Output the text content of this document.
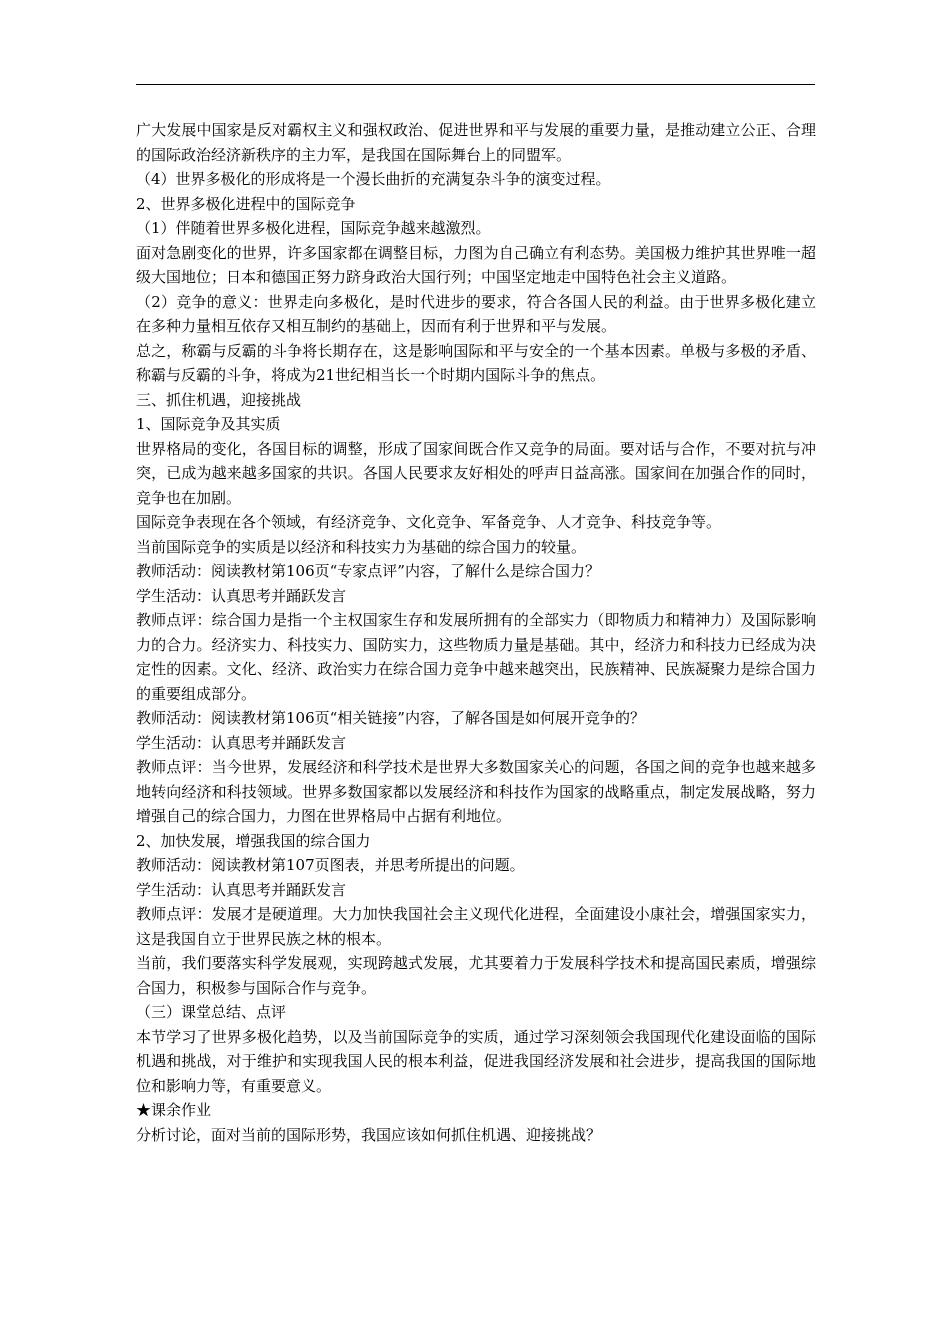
广大发展中国家是反对霸权主义和强权政治、促进世界和平与发展的重要力量，是推动建立公正、合理的国际政治经济新秩序的主力军，是我国在国际舞台上的同盟军。

（4）世界多极化的形成将是一个漫长曲折的充满复杂斗争的演变过程。

2、世界多极化进程中的国际竞争

（1）伴随着世界多极化进程，国际竞争越来越激烈。

面对急剧变化的世界，许多国家都在调整目标，力图为自己确立有利态势。美国极力维护其世界唯一超级大国地位；日本和德国正努力跻身政治大国行列；中国坚定地走中国特色社会主义道路。

（2）竞争的意义：世界走向多极化，是时代进步的要求，符合各国人民的利益。由于世界多极化建立在多种力量相互依存又相互制约的基础上，因而有利于世界和平与发展。

总之，称霸与反霸的斗争将长期存在，这是影响国际和平与安全的一个基本因素。单极与多极的矛盾、称霸与反霸的斗争，将成为21世纪相当长一个时期内国际斗争的焦点。

三、抓住机遇，迎接挑战

1、国际竞争及其实质

世界格局的变化，各国目标的调整，形成了国家间既合作又竞争的局面。要对话与合作，不要对抗与冲突，已成为越来越多国家的共识。各国人民要求友好相处的呼声日益高涨。国家间在加强合作的同时，竞争也在加剧。

国际竞争表现在各个领域，有经济竞争、文化竞争、军备竞争、人才竞争、科技竞争等。

当前国际竞争的实质是以经济和科技实力为基础的综合国力的较量。

教师活动：阅读教材第106页“专家点评”内容，了解什么是综合国力？

学生活动：认真思考并踊跃发言

教师点评：综合国力是指一个主权国家生存和发展所拥有的全部实力（即物质力和精神力）及国际影响力的合力。经济实力、科技实力、国防实力，这些物质力量是基础。其中，经济力和科技力已经成为决定性的因素。文化、经济、政治实力在综合国力竞争中越来越突出，民族精神、民族凝聚力是综合国力的重要组成部分。

教师活动：阅读教材第106页“相关链接”内容，了解各国是如何展开竞争的？

学生活动：认真思考并踊跃发言

教师点评：当今世界，发展经济和科学技术是世界大多数国家关心的问题，各国之间的竞争也越来越多地转向经济和科技领域。世界多数国家都以发展经济和科技作为国家的战略重点，制定发展战略，努力增强自己的综合国力，力图在世界格局中占据有利地位。

2、加快发展，增强我国的综合国力

教师活动：阅读教材第107页图表，并思考所提出的问题。

学生活动：认真思考并踊跃发言

教师点评：发展才是硬道理。大力加快我国社会主义现代化进程，全面建设小康社会，增强国家实力，这是我国自立于世界民族之林的根本。

当前，我们要落实科学发展观，实现跨越式发展，尤其要着力于发展科学技术和提高国民素质，增强综合国力，积极参与国际合作与竞争。

（三）课堂总结、点评

本节学习了世界多极化趋势，以及当前国际竞争的实质，通过学习深刻领会我国现代化建设面临的国际机遇和挑战，对于维护和实现我国人民的根本利益，促进我国经济发展和社会进步，提高我国的国际地位和影响力等，有重要意义。

★课余作业

分析讨论，面对当前的国际形势，我国应该如何抓住机遇、迎接挑战？
